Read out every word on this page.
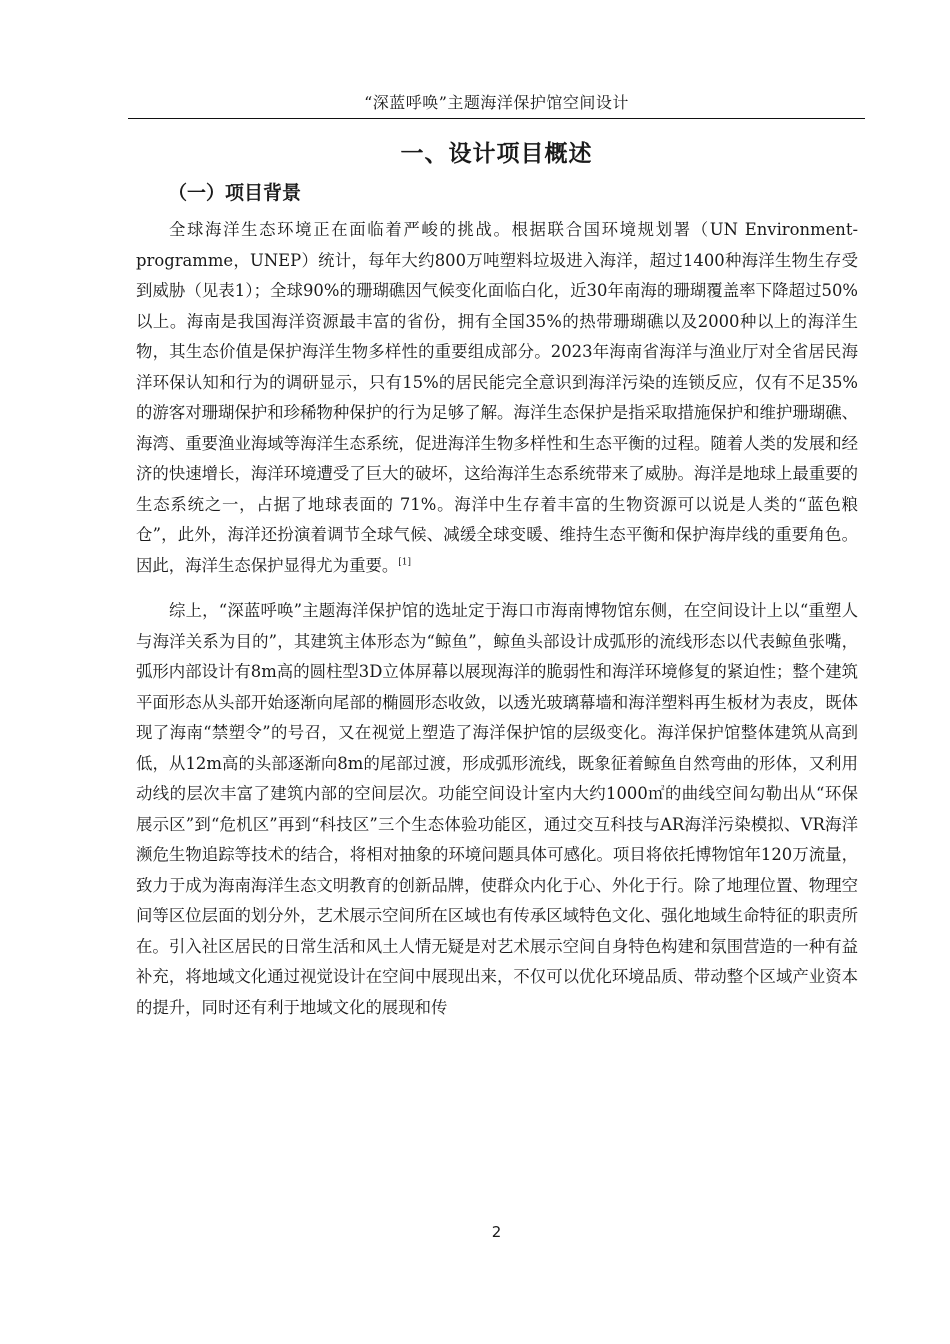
“深蓝呼唤”主题海洋保护馆空间设计
一、设计项目概述
（一）项目背景

全球海洋生态环境正在面临着严峻的挑战。根据联合国环境规划署（UN Environment-programme，UNEP）统计，每年大约800万吨塑料垃圾进入海洋，超过1400种海洋生物生存受到威胁（见表1）；全球90%的珊瑚礁因气候变化面临白化，近30年南海的珊瑚覆盖率下降超过50%以上。海南是我国海洋资源最丰富的省份，拥有全国35%的热带珊瑚礁以及2000种以上的海洋生物，其生态价值是保护海洋生物多样性的重要组成部分。2023年海南省海洋与渔业厅对全省居民海洋环保认知和行为的调研显示，只有15%的居民能完全意识到海洋污染的连锁反应，仅有不足35%的游客对珊瑚保护和珍稀物种保护的行为足够了解。海洋生态保护是指采取措施保护和维护珊瑚礁、海湾、重要渔业海域等海洋生态系统，促进海洋生物多样性和生态平衡的过程。随着人类的发展和经济的快速增长，海洋环境遭受了巨大的破坏，这给海洋生态系统带来了威胁。海洋是地球上最重要的生态系统之一，占据了地球表面的 71%。海洋中生存着丰富的生物资源可以说是人类的“蓝色粮仓”，此外，海洋还扮演着调节全球气候、减缓全球变暖、维持生态平衡和保护海岸线的重要角色。因此，海洋生态保护显得尤为重要。[1]

综上，“深蓝呼唤”主题海洋保护馆的选址定于海口市海南博物馆东侧，在空间设计上以“重塑人与海洋关系为目的”，其建筑主体形态为“鲸鱼”，鲸鱼头部设计成弧形的流线形态以代表鲸鱼张嘴，弧形内部设计有8m高的圆柱型3D立体屏幕以展现海洋的脆弱性和海洋环境修复的紧迫性；整个建筑平面形态从头部开始逐渐向尾部的椭圆形态收敛，以透光玻璃幕墙和海洋塑料再生板材为表皮，既体现了海南“禁塑令”的号召，又在视觉上塑造了海洋保护馆的层级变化。海洋保护馆整体建筑从高到低，从12m高的头部逐渐向8m的尾部过渡，形成弧形流线，既象征着鲸鱼自然弯曲的形体，又利用动线的层次丰富了建筑内部的空间层次。功能空间设计室内大约1000㎡的曲线空间勾勒出从“环保展示区”到“危机区”再到“科技区”三个生态体验功能区，通过交互科技与AR海洋污染模拟、VR海洋濒危生物追踪等技术的结合，将相对抽象的环境问题具体可感化。项目将依托博物馆年120万流量，致力于成为海南海洋生态文明教育的创新品牌，使群众内化于心、外化于行。除了地理位置、物理空间等区位层面的划分外，艺术展示空间所在区域也有传承区域特色文化、强化地域生命特征的职责所在。引入社区居民的日常生活和风土人情无疑是对艺术展示空间自身特色构建和氛围营造的一种有益补充，将地域文化通过视觉设计在空间中展现出来，不仅可以优化环境品质、带动整个区域产业资本的提升，同时还有利于地域文化的展现和传

2
